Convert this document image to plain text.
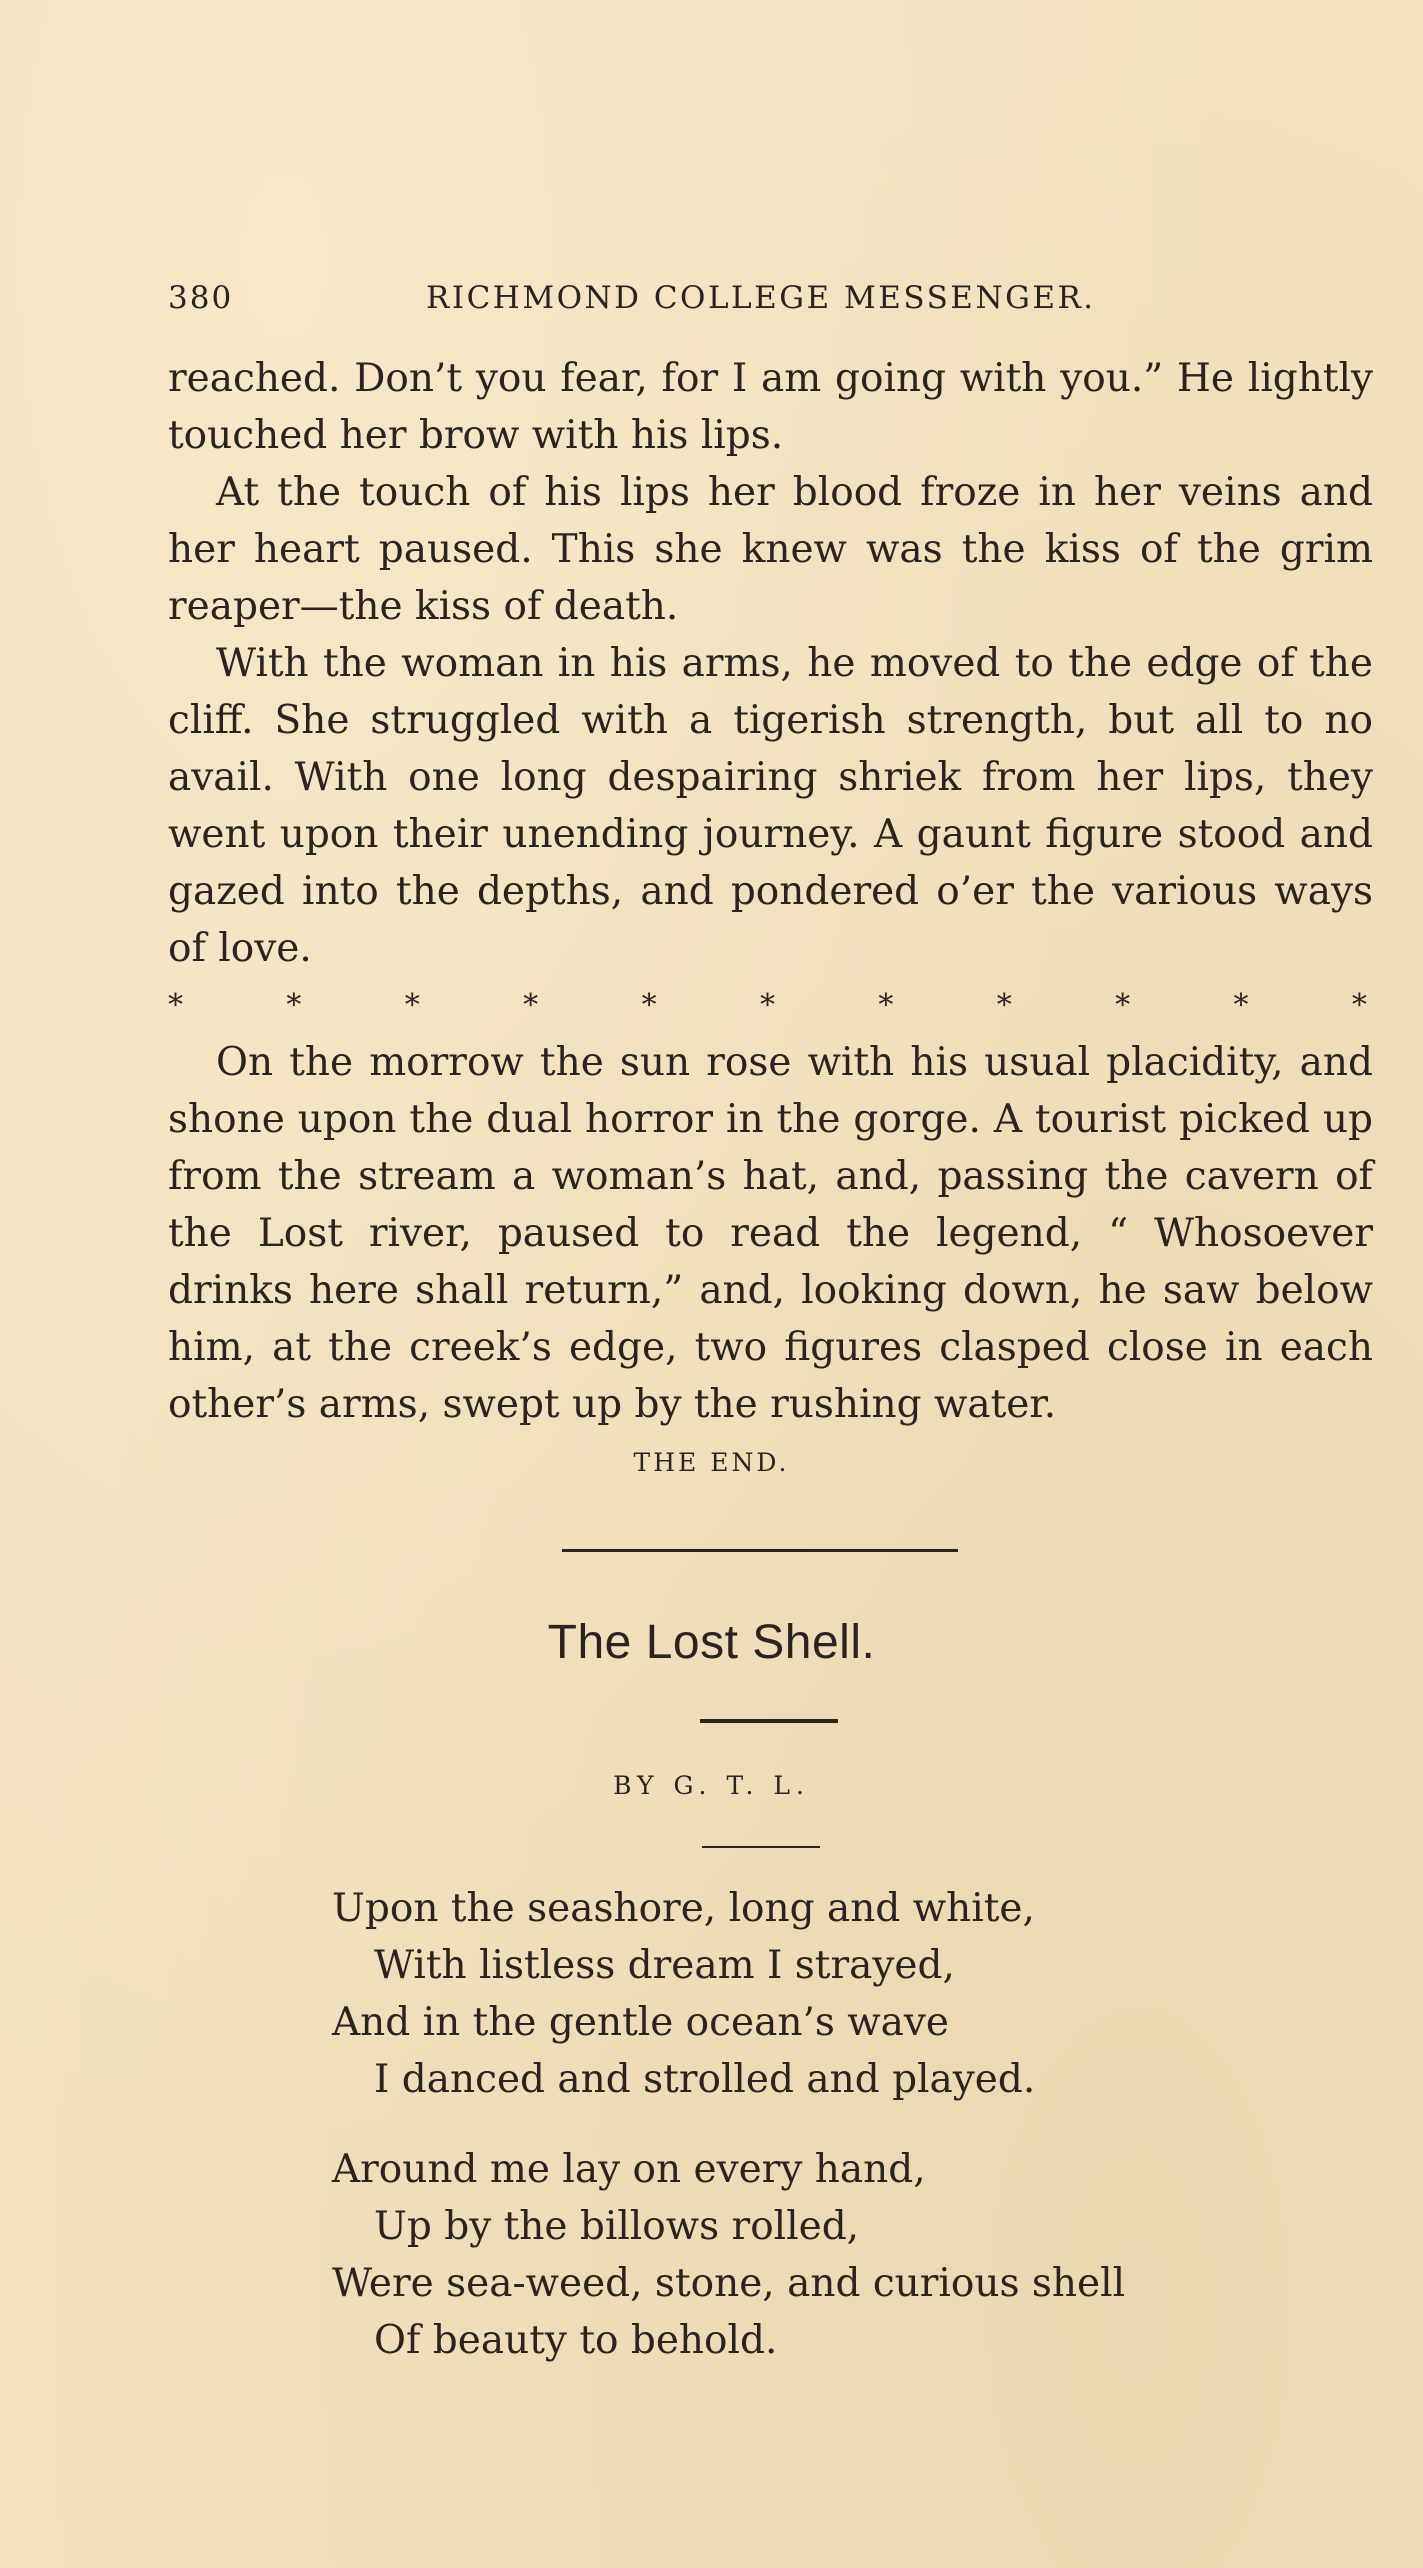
380	RICHMOND COLLEGE MESSENGER.

reached. Don’t you fear, for I am going with you.” He lightly touched her brow with his lips.

At the touch of his lips her blood froze in her veins and her heart paused. This she knew was the kiss of the grim reaper—the kiss of death.

With the woman in his arms, he moved to the edge of the cliff. She struggled with a tigerish strength, but all to no avail. With one long despairing shriek from her lips, they went upon their unending journey. A gaunt figure stood and gazed into the depths, and pondered o’er the various ways of love.

*	*	*	*	*	*	*	*	*	*	*

On the morrow the sun rose with his usual placidity, and shone upon the dual horror in the gorge. A tourist picked up from the stream a woman’s hat, and, passing the cavern of the Lost river, paused to read the legend, “ Whosoever drinks here shall return,” and, looking down, he saw below him, at the creek’s edge, two figures clasped close in each other’s arms, swept up by the rushing water.

THE END.
The Lost Shell.
BY G. T. L.
Upon the seashore, long and white,
With listless dream I strayed,
And in the gentle ocean’s wave
I danced and strolled and played.
Around me lay on every hand,
Up by the billows rolled,
Were sea-weed, stone, and curious shell
Of beauty to behold.
